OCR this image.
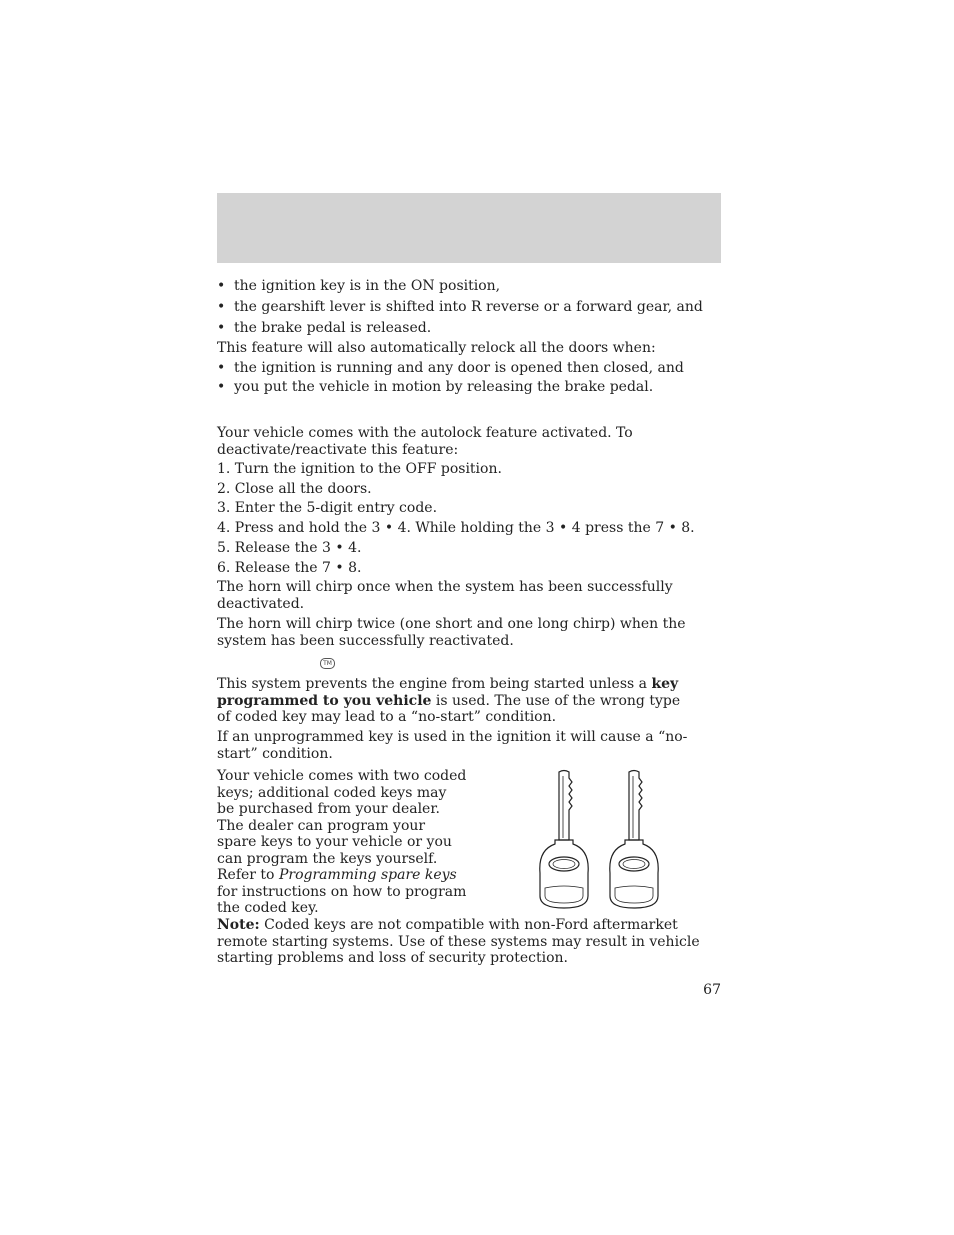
• the ignition key is in the ON position,
• the gearshift lever is shifted into R reverse or a forward gear, and
• the brake pedal is released.
This feature will also automatically relock all the doors when:
• the ignition is running and any door is opened then closed, and
• you put the vehicle in motion by releasing the brake pedal.
Your vehicle comes with the autolock feature activated. To deactivate/reactivate this feature:
1. Turn the ignition to the OFF position.
2. Close all the doors.
3. Enter the 5-digit entry code.
4. Press and hold the 3 • 4. While holding the 3 • 4 press the 7 • 8.
5. Release the 3 • 4.
6. Release the 7 • 8.
The horn will chirp once when the system has been successfully deactivated.
The horn will chirp twice (one short and one long chirp) when the system has been successfully reactivated.
TM
This system prevents the engine from being started unless a key programmed to you vehicle is used. The use of the wrong type of coded key may lead to a “no-start” condition.
If an unprogrammed key is used in the ignition it will cause a “no-start” condition.
Your vehicle comes with two coded keys; additional coded keys may be purchased from your dealer. The dealer can program your spare keys to your vehicle or you can program the keys yourself. Refer to Programming spare keys for instructions on how to program the coded key.
Note: Coded keys are not compatible with non-Ford aftermarket remote starting systems. Use of these systems may result in vehicle starting problems and loss of security protection.
67
